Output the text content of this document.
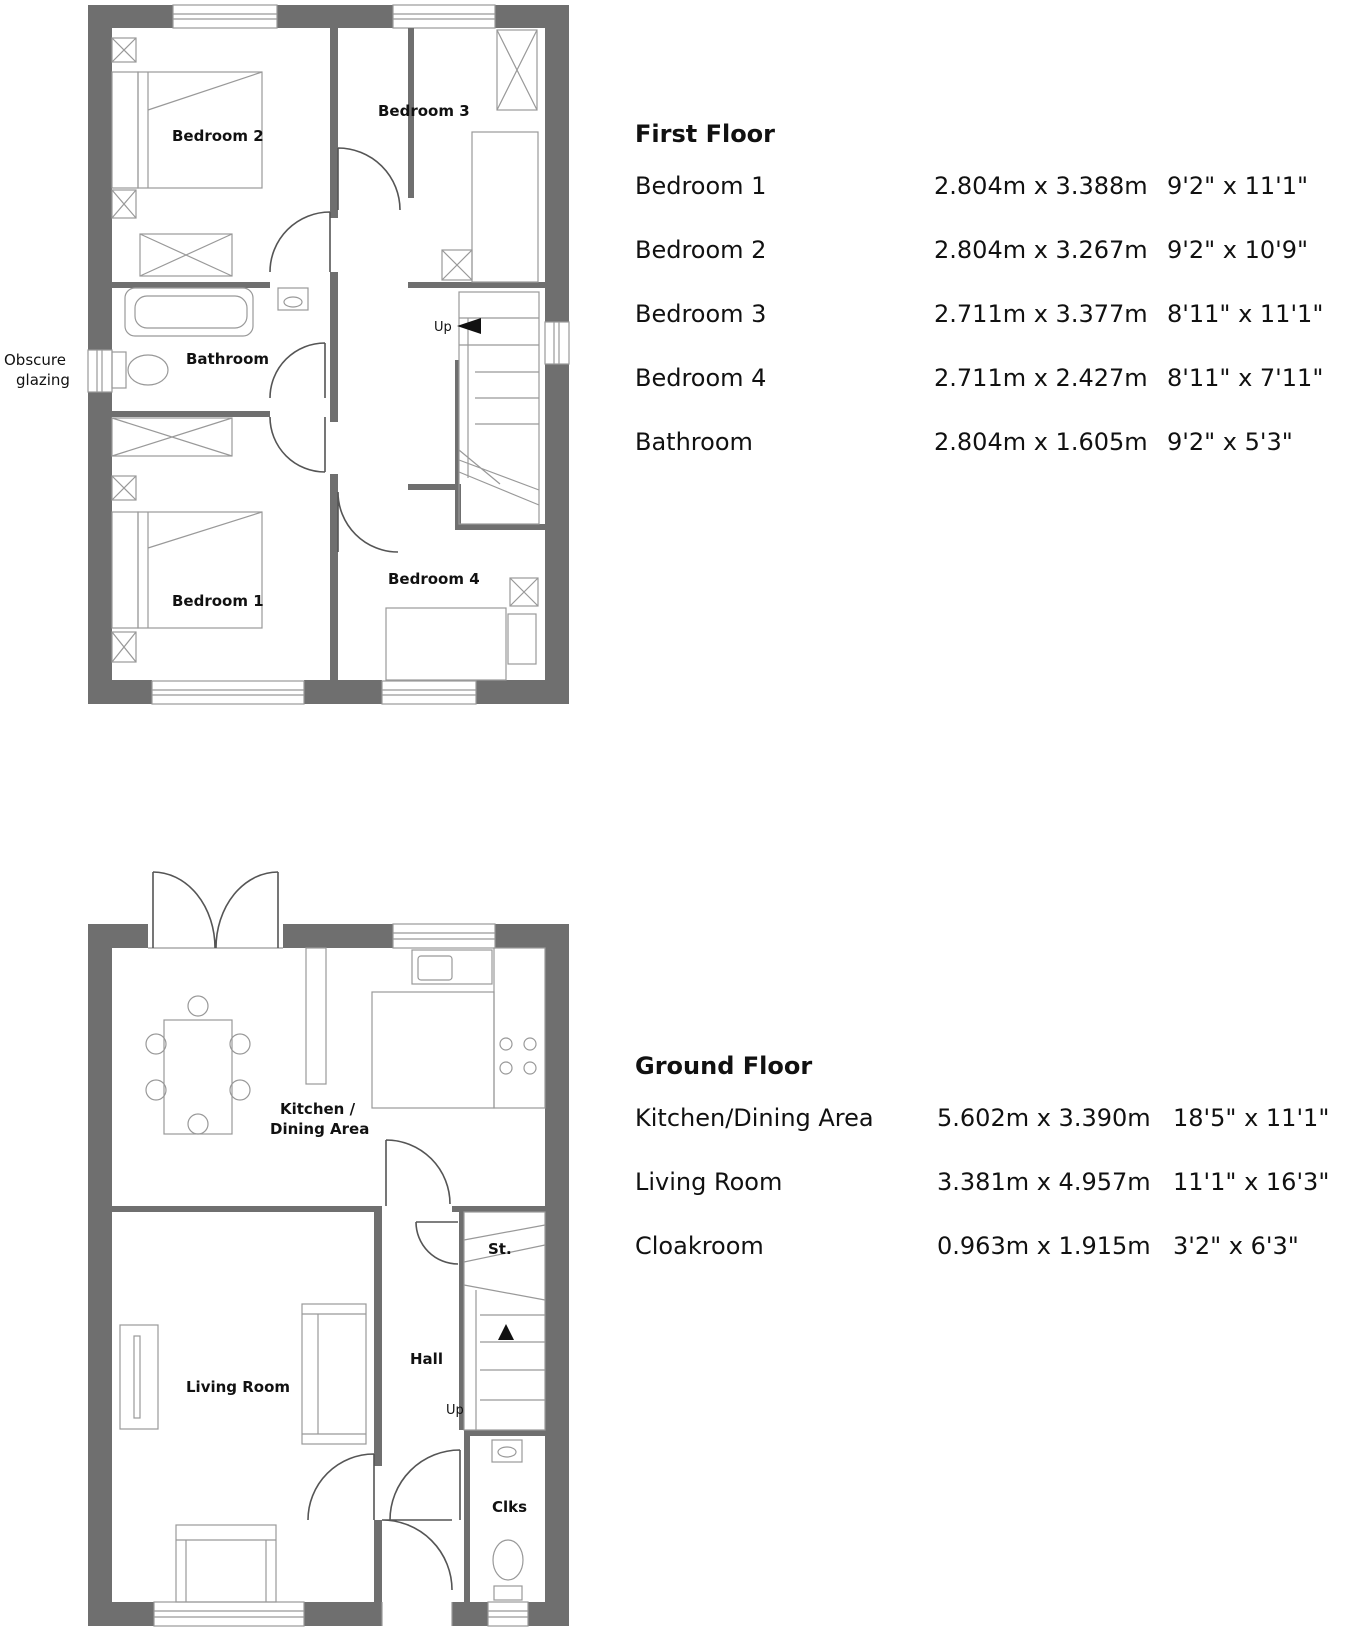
Bedroom 2
Bedroom 3
Bathroom
Bedroom 1
Bedroom 4
Up
Obscure
glazing
Kitchen /
Dining Area
Living Room
Hall
St.
Clks
Up
First Floor
Bedroom 1	2.804m x 3.388m 9'2" x 11'1"
Bedroom 2	2.804m x 3.267m 9'2" x 10'9"
Bedroom 3	2.711m x 3.377m 8'11" x 11'1"
Bedroom 4	2.711m x 2.427m 8'11" x 7'11"
Bathroom	2.804m x 1.605m 9'2" x 5'3"
Ground Floor
Kitchen/Dining Area	5.602m x 3.390m 18'5" x 11'1"
Living Room	3.381m x 4.957m 11'1" x 16'3"
Cloakroom	0.963m x 1.915m 3'2" x 6'3"
